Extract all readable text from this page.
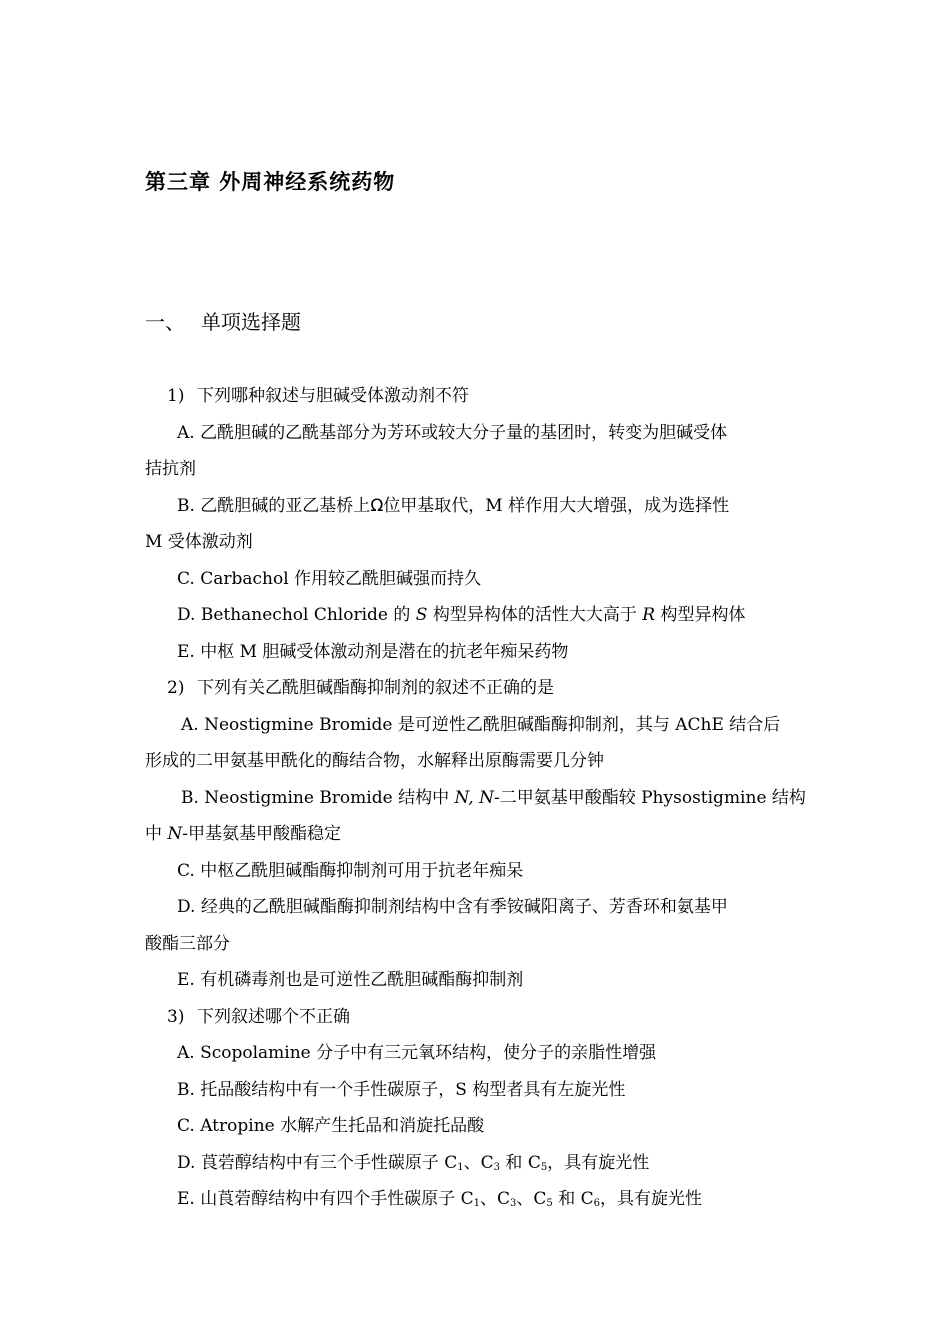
第三章 外周神经系统药物
一、 单项选择题

1) 下列哪种叙述与胆碱受体激动剂不符

A. 乙酰胆碱的乙酰基部分为芳环或较大分子量的基团时，转变为胆碱受体

拮抗剂

B. 乙酰胆碱的亚乙基桥上Ω位甲基取代，M 样作用大大增强，成为选择性

M 受体激动剂

C. Carbachol 作用较乙酰胆碱强而持久

D. Bethanechol Chloride 的 S 构型异构体的活性大大高于 R 构型异构体

E. 中枢 M 胆碱受体激动剂是潜在的抗老年痴呆药物

2) 下列有关乙酰胆碱酯酶抑制剂的叙述不正确的是

A. Neostigmine Bromide 是可逆性乙酰胆碱酯酶抑制剂，其与 AChE 结合后

形成的二甲氨基甲酰化的酶结合物，水解释出原酶需要几分钟

B. Neostigmine Bromide 结构中 N, N-二甲氨基甲酸酯较 Physostigmine 结构

中 N-甲基氨基甲酸酯稳定

C. 中枢乙酰胆碱酯酶抑制剂可用于抗老年痴呆

D. 经典的乙酰胆碱酯酶抑制剂结构中含有季铵碱阳离子、芳香环和氨基甲

酸酯三部分

E. 有机磷毒剂也是可逆性乙酰胆碱酯酶抑制剂

3) 下列叙述哪个不正确

A. Scopolamine 分子中有三元氧环结构，使分子的亲脂性增强

B. 托品酸结构中有一个手性碳原子，S 构型者具有左旋光性

C. Atropine 水解产生托品和消旋托品酸

D. 莨菪醇结构中有三个手性碳原子 $C_1$、$C_3$ 和 $C_5$，具有旋光性

E. 山莨菪醇结构中有四个手性碳原子 $C_1$、$C_3$、$C_5$ 和 $C_6$，具有旋光性
